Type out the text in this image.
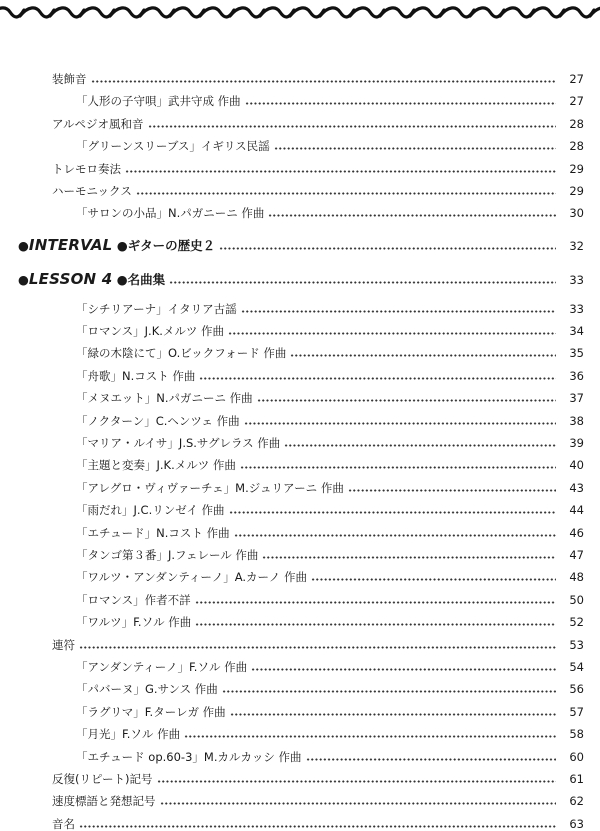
装飾音	27
「人形の子守唄」武井守成 作曲	27
アルペジオ風和音	28
「グリーンスリーブス」イギリス民謡	28
トレモロ奏法	29
ハーモニックス	29
「サロンの小品」N.パガニーニ 作曲	30
●INTERVAL ●ギターの歴史２	32
●LESSON 4 ●名曲集	33
「シチリアーナ」イタリア古謡	33
「ロマンス」J.K.メルツ 作曲	34
「緑の木陰にて」O.ビックフォード 作曲	35
「舟歌」N.コスト 作曲	36
「メヌエット」N.パガニーニ 作曲	37
「ノクターン」C.ヘンツェ 作曲	38
「マリア・ルイサ」J.S.サグレラス 作曲	39
「主題と変奏」J.K.メルツ 作曲	40
「アレグロ・ヴィヴァーチェ」M.ジュリアーニ 作曲	43
「雨だれ」J.C.リンゼイ 作曲	44
「エチュード」N.コスト 作曲	46
「タンゴ第３番」J.フェレール 作曲	47
「ワルツ・アンダンティーノ」A.カーノ 作曲	48
「ロマンス」作者不詳	50
「ワルツ」F.ソル 作曲	52
連符	53
「アンダンティーノ」F.ソル 作曲	54
「パバーヌ」G.サンス 作曲	56
「ラグリマ」F.ターレガ 作曲	57
「月光」F.ソル 作曲	58
「エチュード op.60-3」M.カルカッシ 作曲	60
反復(リピート)記号	61
速度標語と発想記号	62
音名	63
